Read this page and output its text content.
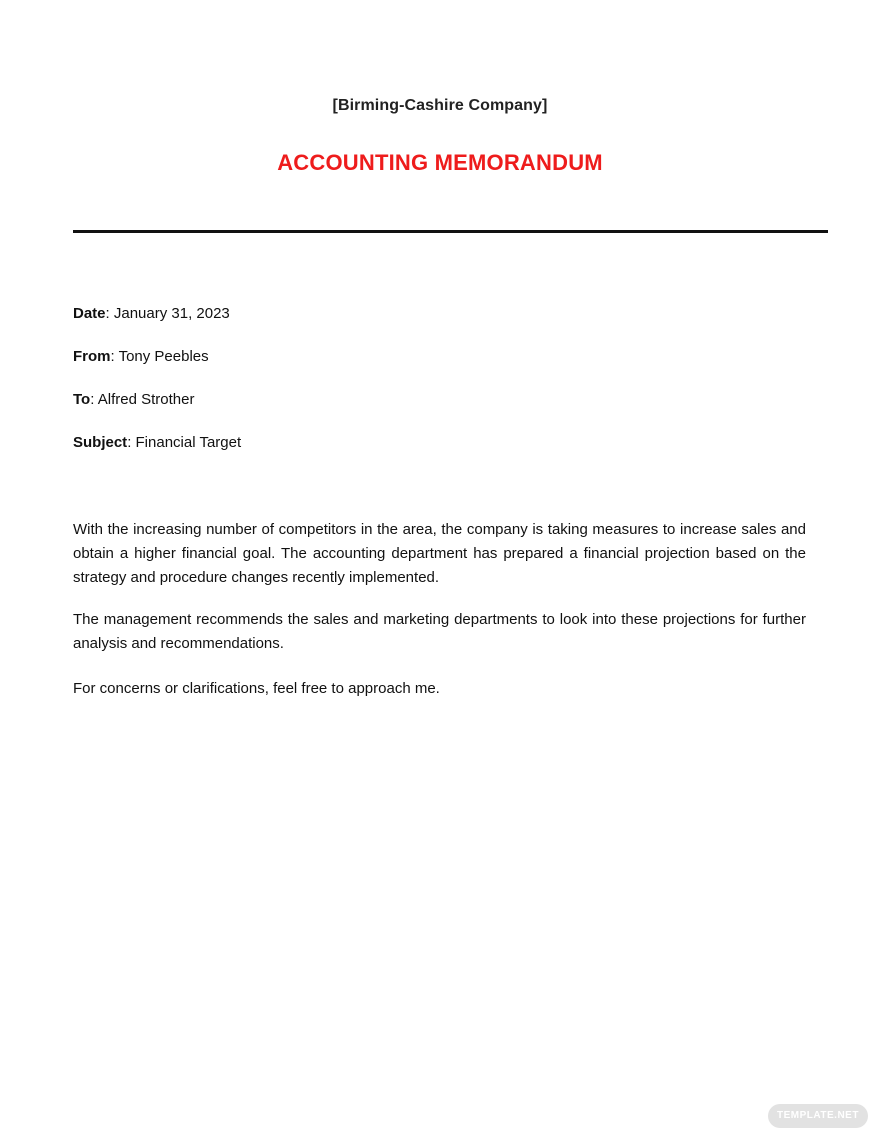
[Birming-Cashire Company]
ACCOUNTING MEMORANDUM
Date: January 31, 2023
From: Tony Peebles
To: Alfred Strother
Subject: Financial Target

With the increasing number of competitors in the area, the company is taking measures to increase sales and obtain a higher financial goal. The accounting department has prepared a financial projection based on the strategy and procedure changes recently implemented.

The management recommends the sales and marketing departments to look into these projections for further analysis and recommendations.

For concerns or clarifications, feel free to approach me.

TEMPLATE.NET
